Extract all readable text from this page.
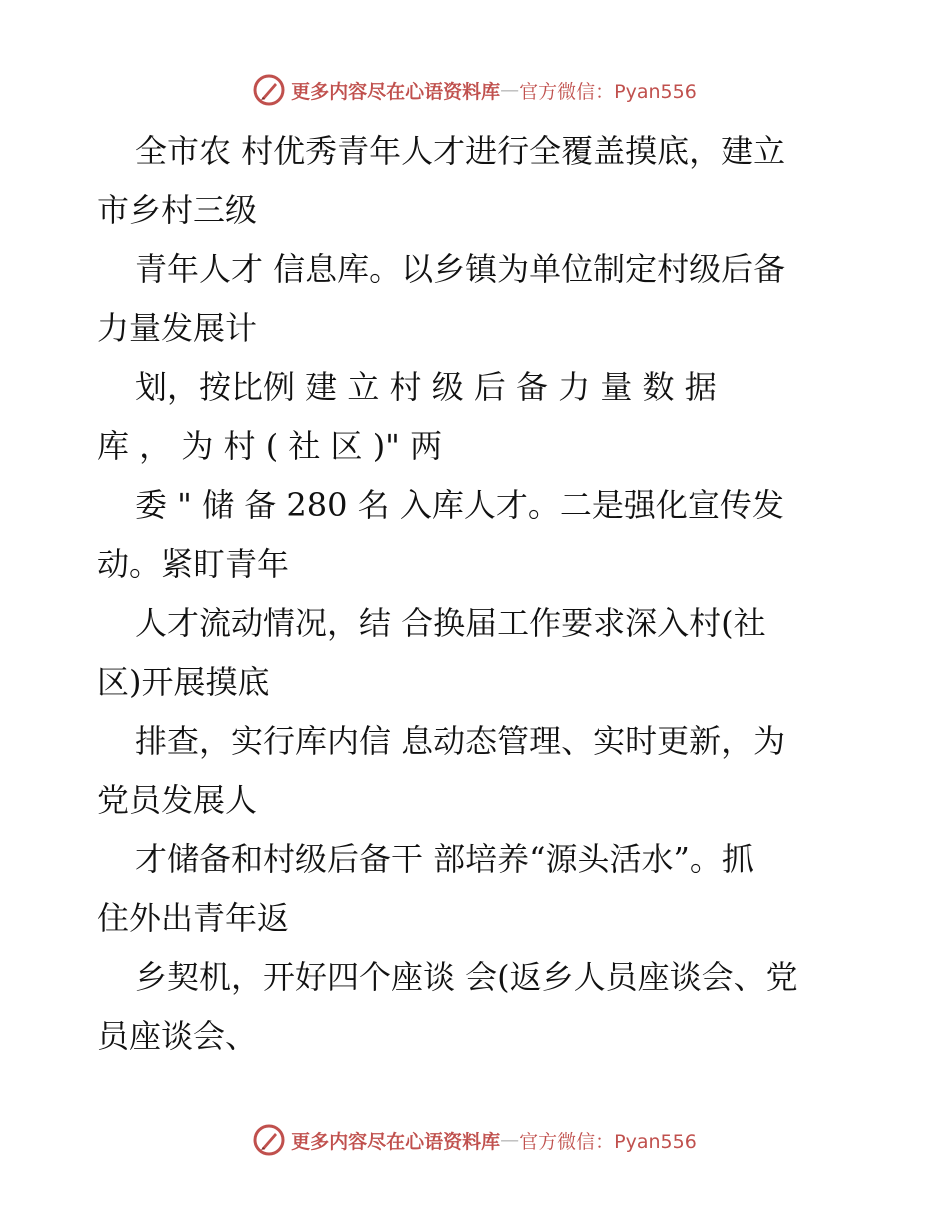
更多内容尽在心语资料库 — 官方微信：Pyan556
全市农 村优秀青年人才进行全覆盖摸底，建立
市乡村三级
青年人才 信息库。以乡镇为单位制定村级后备
力量发展计
划，按比例 建 立 村 级 后 备 力 量 数 据
库 ， 为 村 ( 社 区 )" 两
委 " 储 备 280 名 入库人才。二是强化宣传发
动。紧盯青年
人才流动情况，结 合换届工作要求深入村(社
区)开展摸底
排查，实行库内信 息动态管理、实时更新，为
党员发展人
才储备和村级后备干 部培养“源头活水”。抓
住外出青年返
乡契机，开好四个座谈 会(返乡人员座谈会、党
员座谈会、
更多内容尽在心语资料库 — 官方微信：Pyan556
